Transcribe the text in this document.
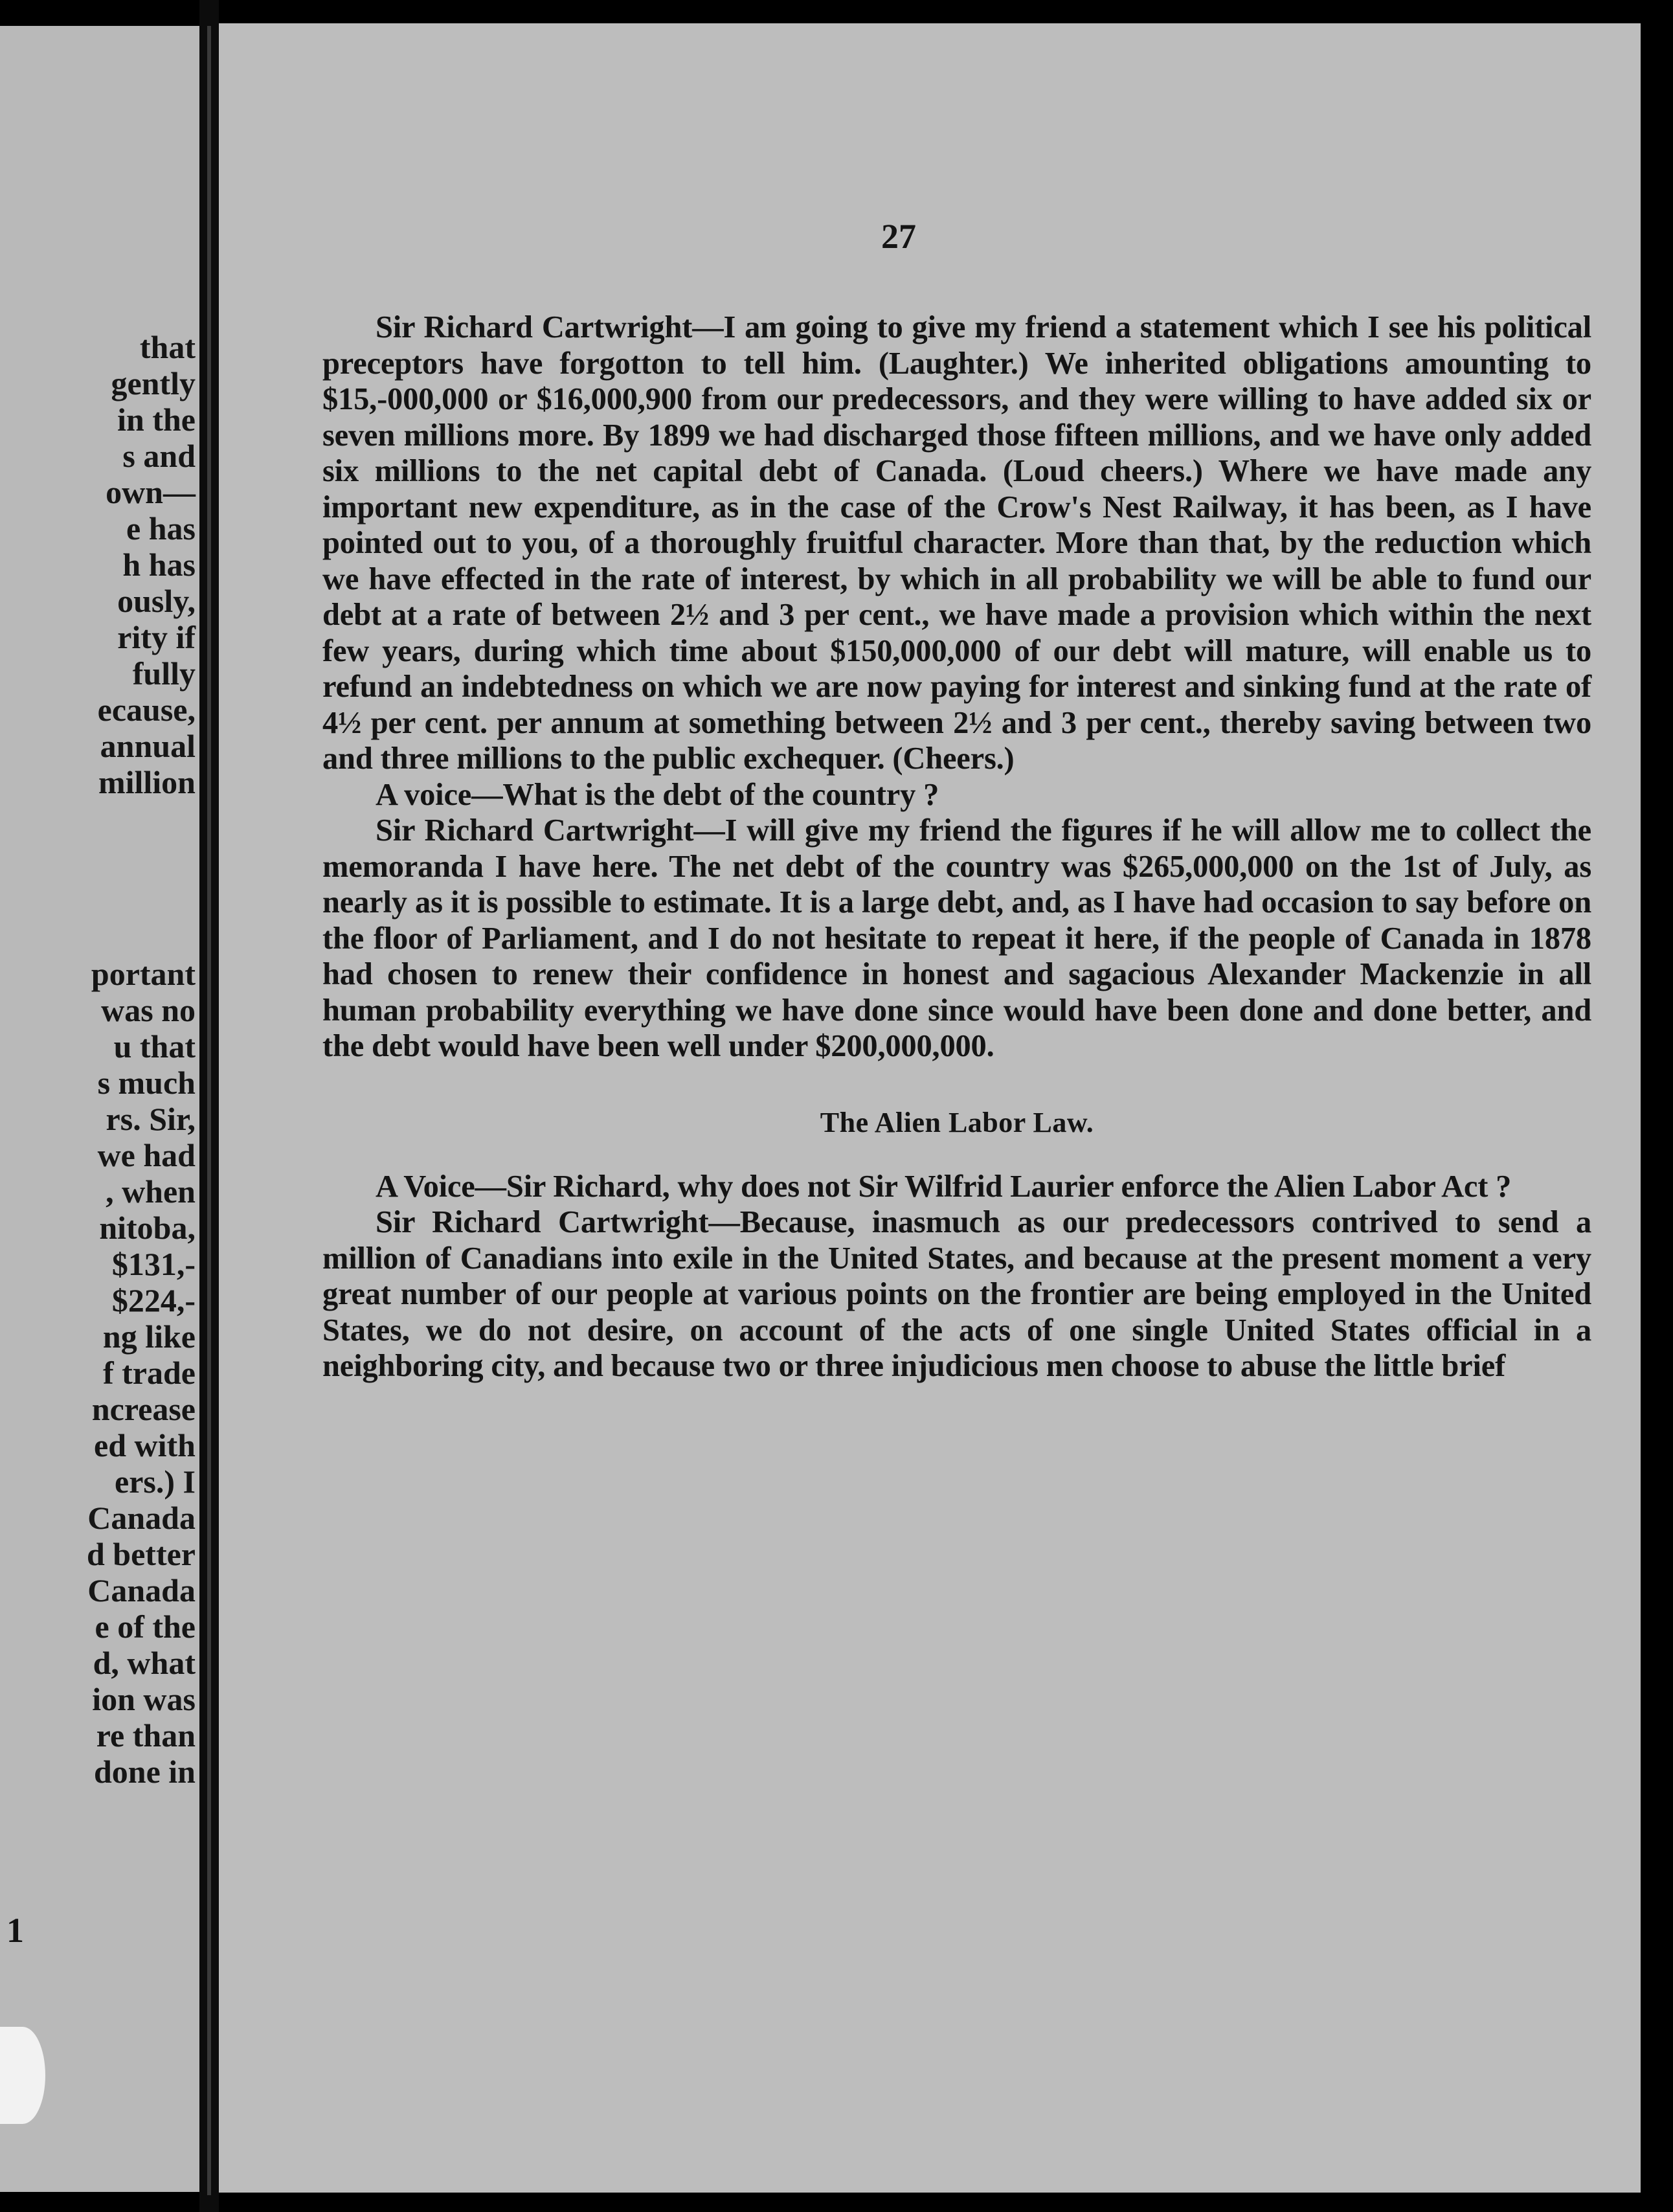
that
gently
in the
s and
own—
e has
h has
ously,
rity if
fully
ecause,
annual
million
portant
was no
u that
s much
rs. Sir,
we had
, when
nitoba,
$131,-
$224,-
ng like
f trade
ncrease
ed with
ers.) I
Canada
d better
Canada
e of the
d, what
ion was
re than
done in
1
27

Sir Richard Cartwright—I am going to give my friend a statement which I see his political preceptors have forgotton to tell him. (Laughter.) We inherited obligations amounting to $15,-000,000 or $16,000,900 from our predecessors, and they were willing to have added six or seven millions more. By 1899 we had discharged those fifteen millions, and we have only added six millions to the net capital debt of Canada. (Loud cheers.) Where we have made any important new expenditure, as in the case of the Crow's Nest Railway, it has been, as I have pointed out to you, of a thoroughly fruitful character. More than that, by the reduction which we have effected in the rate of interest, by which in all probability we will be able to fund our debt at a rate of between 2½ and 3 per cent., we have made a provision which within the next few years, during which time about $150,000,000 of our debt will mature, will enable us to refund an indebtedness on which we are now paying for interest and sinking fund at the rate of 4½ per cent. per annum at something between 2½ and 3 per cent., thereby saving between two and three millions to the public exchequer. (Cheers.)

A voice—What is the debt of the country ?

Sir Richard Cartwright—I will give my friend the figures if he will allow me to collect the memoranda I have here. The net debt of the country was $265,000,000 on the 1st of July, as nearly as it is possible to estimate. It is a large debt, and, as I have had occasion to say before on the floor of Parliament, and I do not hesitate to repeat it here, if the people of Canada in 1878 had chosen to renew their confidence in honest and sagacious Alexander Mackenzie in all human probability everything we have done since would have been done and done better, and the debt would have been well under $200,000,000.

The Alien Labor Law.

A Voice—Sir Richard, why does not Sir Wilfrid Laurier enforce the Alien Labor Act ?

Sir Richard Cartwright—Because, inasmuch as our predecessors contrived to send a million of Canadians into exile in the United States, and because at the present moment a very great number of our people at various points on the frontier are being employed in the United States, we do not desire, on account of the acts of one single United States official in a neighboring city, and because two or three injudicious men choose to abuse the little brief
